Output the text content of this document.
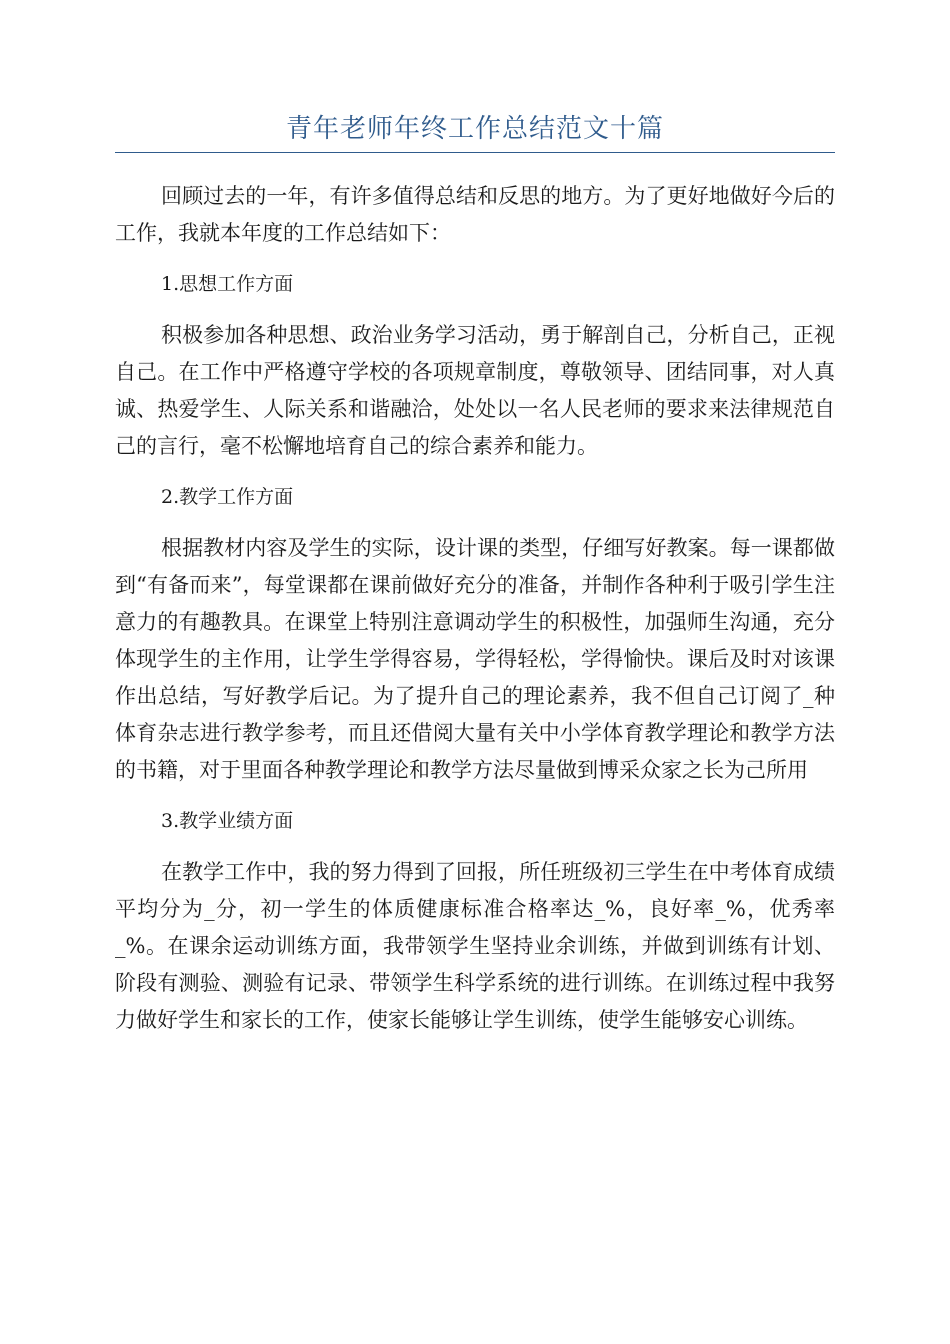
青年老师年终工作总结范文十篇

回顾过去的一年，有许多值得总结和反思的地方。为了更好地做好今后的工作，我就本年度的工作总结如下：

1.思想工作方面

积极参加各种思想、政治业务学习活动，勇于解剖自己，分析自己，正视自己。在工作中严格遵守学校的各项规章制度，尊敬领导、团结同事，对人真诚、热爱学生、人际关系和谐融洽，处处以一名人民老师的要求来法律规范自己的言行，毫不松懈地培育自己的综合素养和能力。

2.教学工作方面

根据教材内容及学生的实际，设计课的类型，仔细写好教案。每一课都做到“有备而来”，每堂课都在课前做好充分的准备，并制作各种利于吸引学生注意力的有趣教具。在课堂上特别注意调动学生的积极性，加强师生沟通，充分体现学生的主作用，让学生学得容易，学得轻松，学得愉快。课后及时对该课作出总结，写好教学后记。为了提升自己的理论素养，我不但自己订阅了_种体育杂志进行教学参考，而且还借阅大量有关中小学体育教学理论和教学方法的书籍，对于里面各种教学理论和教学方法尽量做到博采众家之长为己所用

3.教学业绩方面

在教学工作中，我的努力得到了回报，所任班级初三学生在中考体育成绩平均分为_分，初一学生的体质健康标准合格率达_%，良好率_%，优秀率_%。在课余运动训练方面，我带领学生坚持业余训练，并做到训练有计划、阶段有测验、测验有记录、带领学生科学系统的进行训练。在训练过程中我努力做好学生和家长的工作，使家长能够让学生训练，使学生能够安心训练。
